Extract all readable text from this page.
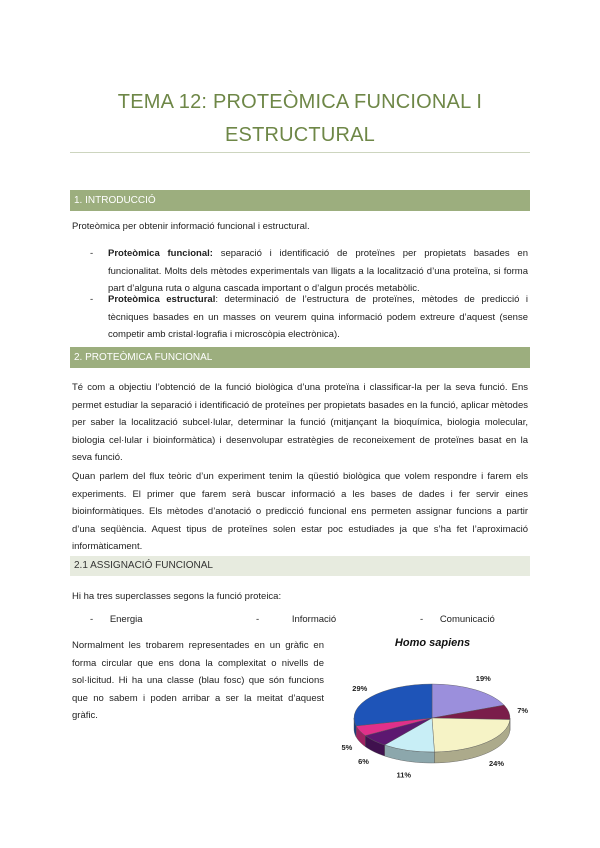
TEMA 12: PROTEÒMICA FUNCIONAL I
ESTRUCTURAL
1. INTRODUCCIÓ
Proteòmica per obtenir informació funcional i estructural.
- Proteòmica funcional: separació i identificació de proteïnes per propietats basades en funcionalitat. Molts dels mètodes experimentals van lligats a la localització d’una proteïna, si forma part d’alguna ruta o alguna cascada important o d’algun procés metabòlic.
- Proteòmica estructural: determinació de l’estructura de proteïnes, mètodes de predicció i tècniques basades en un masses on veurem quina informació podem extreure d’aquest (sense competir amb cristal·lografia i microscòpia electrònica).
2. PROTEÒMICA FUNCIONAL
Té com a objectiu l’obtenció de la funció biològica d’una proteïna i classificar-la per la seva funció. Ens permet estudiar la separació i identificació de proteïnes per propietats basades en la funció, aplicar mètodes per saber la localització subcel·lular, determinar la funció (mitjançant la bioquímica, biologia molecular, biologia cel·lular i bioinformàtica) i desenvolupar estratègies de reconeixement de proteïnes basat en la seva funció.
Quan parlem del flux teòric d’un experiment tenim la qüestió biològica que volem respondre i farem els experiments. El primer que farem serà buscar informació a les bases de dades i fer servir eines bioinformàtiques. Els mètodes d’anotació o predicció funcional ens permeten assignar funcions a partir d’una seqüència. Aquest tipus de proteïnes solen estar poc estudiades ja que s’ha fet l’aproximació informàticament.
2.1 ASSIGNACIÓ FUNCIONAL
Hi ha tres superclasses segons la funció proteica:
- Energia	-	Informació	- Comunicació
Normalment les trobarem representades en un gràfic en forma circular que ens dona la complexitat o nivells de sol·licitud. Hi ha una classe (blau fosc) que són funcions que no sabem i poden arribar a ser la meitat d’aquest gràfic.
Homo sapiens
19%
7%
24%
11%
6%
5%
29%
